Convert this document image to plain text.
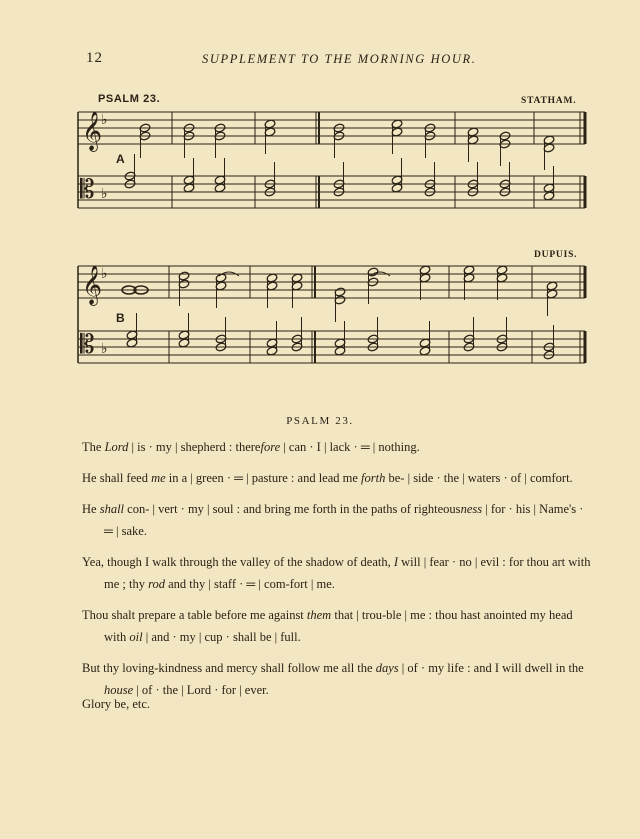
12	SUPPLEMENT TO THE MORNING HOUR.
PSALM 23.	STATHAM.
DUPUIS.
A
B
𝄞
𝄡
♭
♭
𝄞
𝄡
♭
♭
PSALM 23.

The Lord | is · my | shepherd : therefore | can · I | lack · ═ | nothing.

He shall feed me in a | green · ═ | pasture : and lead me forth be- | side · the | waters · of | comfort.

He shall con- | vert · my | soul : and bring me forth in the paths of righteousness | for · his | Name's · ═ | sake.

Yea, though I walk through the valley of the shadow of death, I will | fear · no | evil : for thou art with me ; thy rod and thy | staff · ═ | com-fort | me.

Thou shalt prepare a table before me against them that | trou-ble | me : thou hast anointed my head with oil | and · my | cup · shall be | full.

But thy loving-kindness and mercy shall follow me all the days | of · my life : and I will dwell in the house | of · the | Lord · for | ever.

Glory be, etc.
